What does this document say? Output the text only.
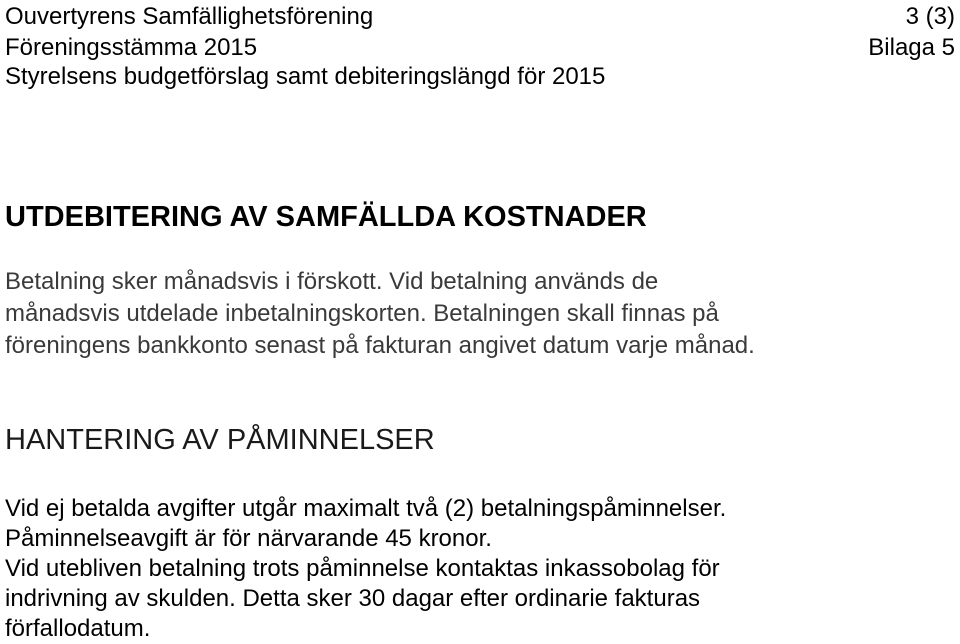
Ouvertyrens Samfällighetsförening	3 (3)
Föreningsstämma 2015	Bilaga 5
Styrelsens budgetförslag samt debiteringslängd för 2015
UTDEBITERING AV SAMFÄLLDA KOSTNADER
Betalning sker månadsvis i förskott. Vid betalning används de
månadsvis utdelade inbetalningskorten. Betalningen skall finnas på
föreningens bankkonto senast på fakturan angivet datum varje månad.
HANTERING AV PÅMINNELSER
Vid ej betalda avgifter utgår maximalt två (2) betalningspåminnelser.
Påminnelseavgift är för närvarande 45 kronor.
Vid utebliven betalning trots påminnelse kontaktas inkassobolag för
indrivning av skulden. Detta sker 30 dagar efter ordinarie fakturas
förfallodatum.
